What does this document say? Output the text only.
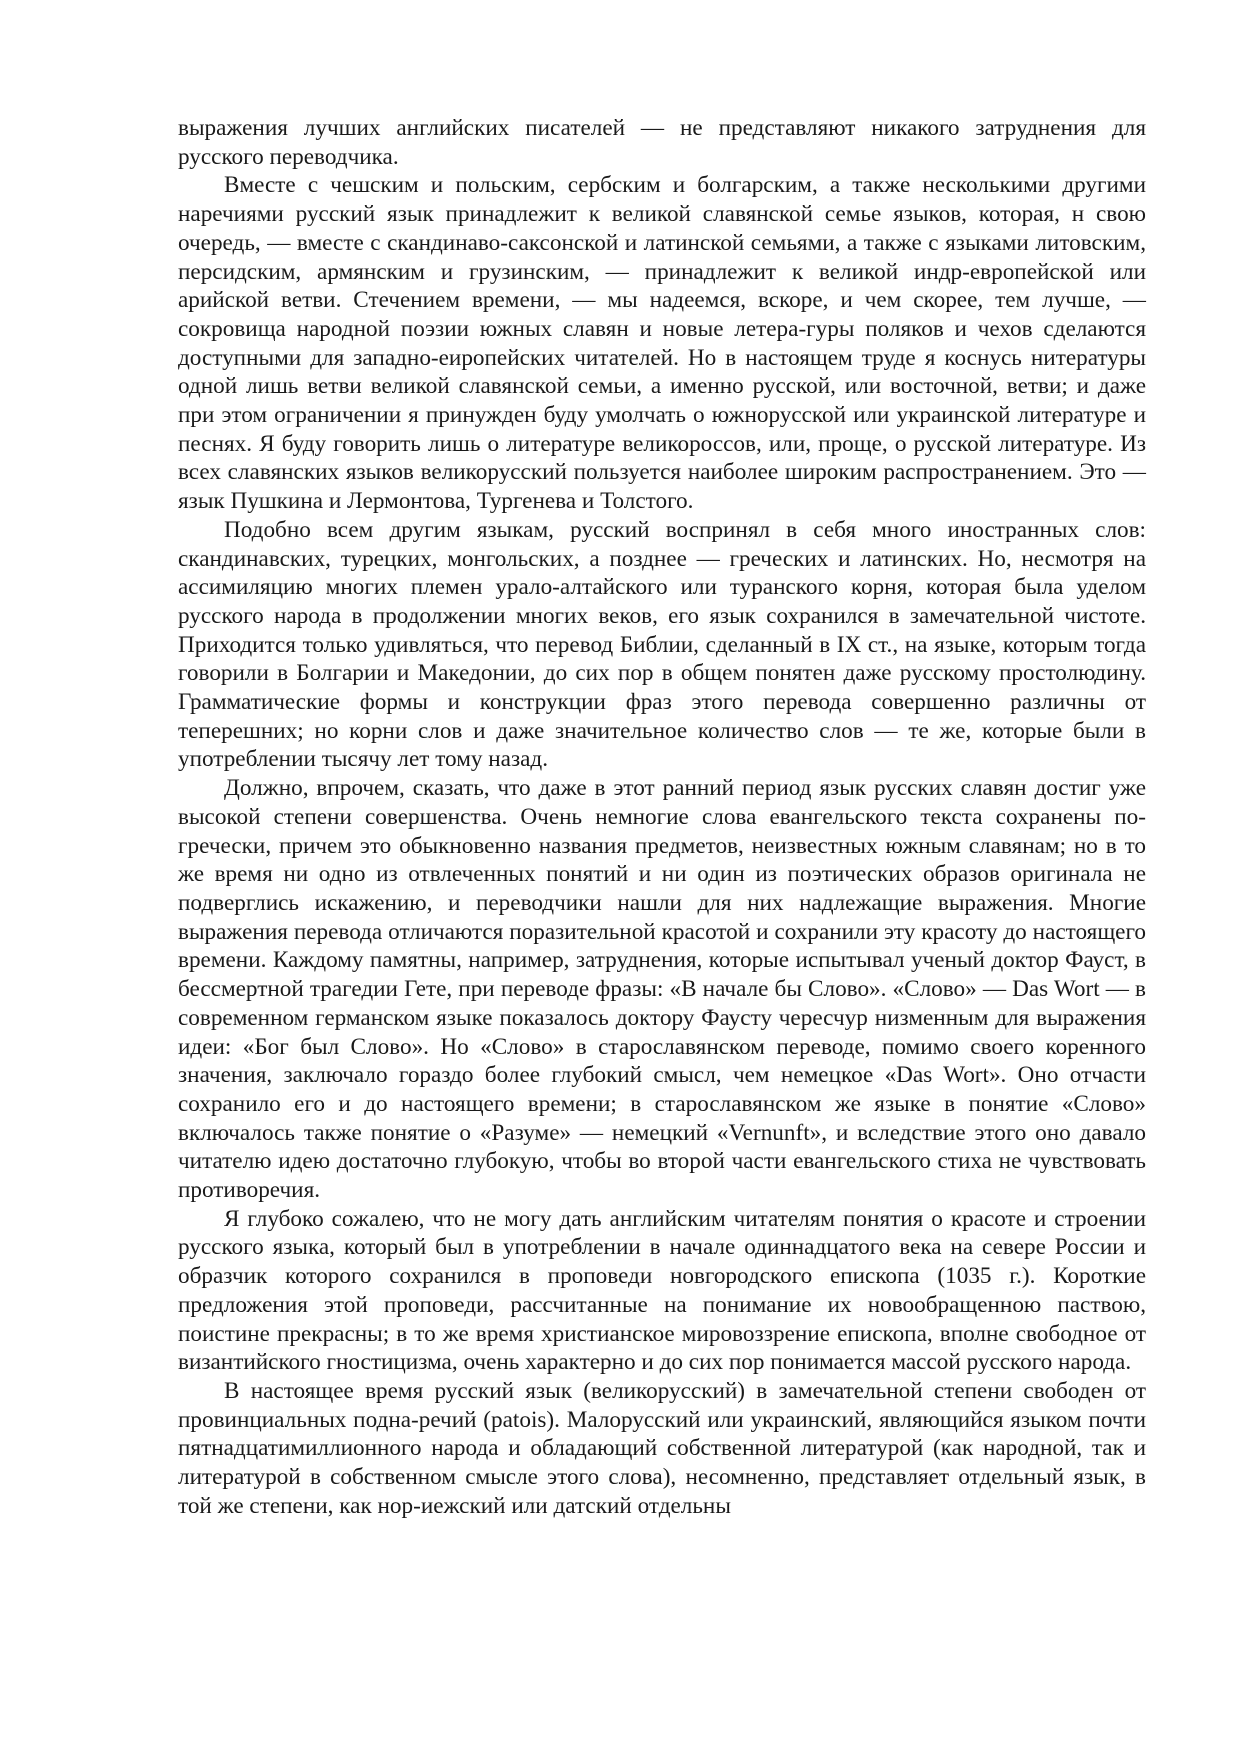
выражения лучших английских писателей — не представляют никакого затруднения для русского переводчика.

Вместе с чешским и польским, сербским и болгарским, а также несколькими другими наречиями русский язык принадлежит к великой славянской семье языков, которая, н свою очередь, — вместе с скандинаво-саксонской и латинской семьями, а также с языками литовским, персидским, армянским и грузинским, — принадлежит к великой индр-европейской или арийской ветви. Стечением времени, — мы надеемся, вскоре, и чем скорее, тем лучше, — сокровища народной поэзии южных славян и новые летера-гуры поляков и чехов сделаются доступными для западно-еиропейских читателей. Но в настоящем труде я коснусь нитературы одной лишь ветви великой славянской семьи, а именно русской, или восточной, ветви; и даже при этом ограничении я принужден буду умолчать о южнорусской или украинской литературе и песнях. Я буду говорить лишь о литературе великороссов, или, проще, о русской литературе. Из всех славянских языков великорусский пользуется наиболее широким распространением. Это — язык Пушкина и Лермонтова, Тургенева и Толстого.

Подобно всем другим языкам, русский воспринял в себя много иностранных слов: скандинавских, турецких, монгольских, а позднее — греческих и латинских. Но, несмотря на ассимиляцию многих племен урало-алтайского или туранского корня, которая была уделом русского народа в продолжении многих веков, его язык сохранился в замечательной чистоте. Приходится только удивляться, что перевод Библии, сделанный в IX ст., на языке, которым тогда говорили в Болгарии и Македонии, до сих пор в общем понятен даже русскому простолюдину. Грамматические формы и конструкции фраз этого перевода совершенно различны от теперешних; но корни слов и даже значительное количество слов — те же, которые были в употреблении тысячу лет тому назад.

Должно, впрочем, сказать, что даже в этот ранний период язык русских славян достиг уже высокой степени совершенства. Очень немногие слова евангельского текста сохранены по-гречески, причем это обыкновенно названия предметов, неизвестных южным славянам; но в то же время ни одно из отвлеченных понятий и ни один из поэтических образов оригинала не подверглись искажению, и переводчики нашли для них надлежащие выражения. Многие выражения перевода отличаются поразительной красотой и сохранили эту красоту до настоящего времени. Каждому памятны, например, затруднения, которые испытывал ученый доктор Фауст, в бессмертной трагедии Гете, при переводе фразы: «В начале бы Слово». «Слово» — Das Wort — в современном германском языке показалось доктору Фаусту чересчур низменным для выражения идеи: «Бог был Слово». Но «Слово» в старославянском переводе, помимо своего коренного значения, заключало гораздо более глубокий смысл, чем немецкое «Das Wort». Оно отчасти сохранило его и до настоящего времени; в старославянском же языке в понятие «Слово» включалось также понятие о «Разуме» — немецкий «Vernunft», и вследствие этого оно давало читателю идею достаточно глубокую, чтобы во второй части евангельского стиха не чувствовать противоречия.

Я глубоко сожалею, что не могу дать английским читателям понятия о красоте и строении русского языка, который был в употреблении в начале одиннадцатого века на севере России и образчик которого сохранился в проповеди новгородского епископа (1035 г.). Короткие предложения этой проповеди, рассчитанные на понимание их новообращенною паствою, поистине прекрасны; в то же время христианское мировоззрение епископа, вполне свободное от византийского гностицизма, очень характерно и до сих пор понимается массой русского народа.

В настоящее время русский язык (великорусский) в замечательной степени свободен от провинциальных подна-речий (patois). Малорусский или украинский, являющийся языком почти пятнадцатимиллионного народа и обладающий собственной литературой (как народной, так и литературой в собственном смысле этого слова), несомненно, представляет отдельный язык, в той же степени, как нор-иежский или датский отдельны
